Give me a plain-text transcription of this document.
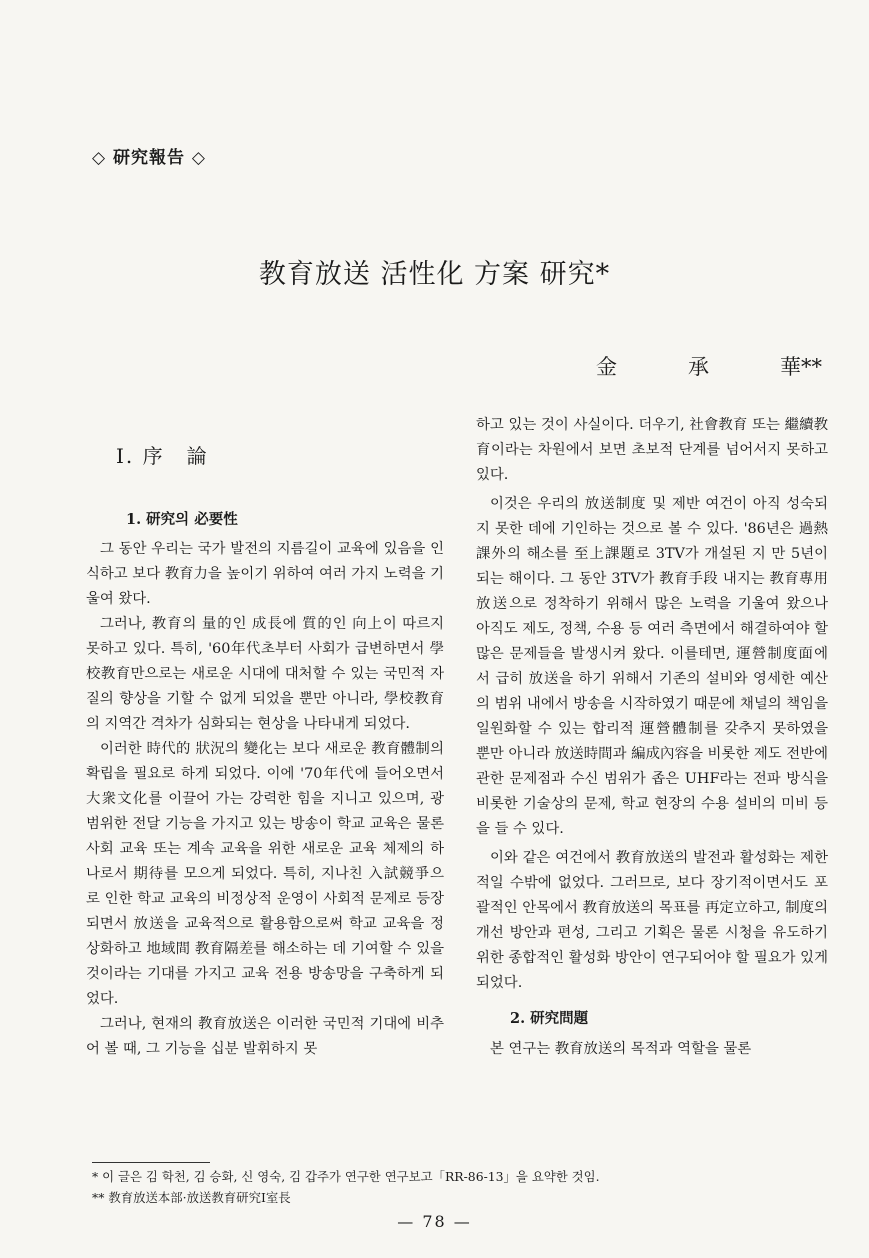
◇ 研究報告 ◇
教育放送 活性化 方案 研究*
金	承	華**
Ⅰ. 序　論
1. 研究의 必要性

그 동안 우리는 국가 발전의 지름길이 교육에 있음을 인식하고 보다 教育力을 높이기 위하여 여러 가지 노력을 기울여 왔다.

그러나, 教育의 量的인 成長에 質的인 向上이 따르지 못하고 있다. 특히, '60年代초부터 사회가 급변하면서 學校教育만으로는 새로운 시대에 대처할 수 있는 국민적 자질의 향상을 기할 수 없게 되었을 뿐만 아니라, 學校教育의 지역간 격차가 심화되는 현상을 나타내게 되었다.

이러한 時代的 狀況의 變化는 보다 새로운 教育體制의 확립을 필요로 하게 되었다. 이에 '70年代에 들어오면서 大衆文化를 이끌어 가는 강력한 힘을 지니고 있으며, 광범위한 전달 기능을 가지고 있는 방송이 학교 교육은 물론 사회 교육 또는 계속 교육을 위한 새로운 교육 체제의 하나로서 期待를 모으게 되었다. 특히, 지나친 入試競爭으로 인한 학교 교육의 비정상적 운영이 사회적 문제로 등장되면서 放送을 교육적으로 활용함으로써 학교 교육을 정상화하고 地域間 教育隔差를 해소하는 데 기여할 수 있을 것이라는 기대를 가지고 교육 전용 방송망을 구축하게 되었다.

그러나, 현재의 教育放送은 이러한 국민적 기대에 비추어 볼 때, 그 기능을 십분 발휘하지 못

하고 있는 것이 사실이다. 더우기, 社會教育 또는 繼續教育이라는 차원에서 보면 초보적 단계를 넘어서지 못하고 있다.

이것은 우리의 放送制度 및 제반 여건이 아직 성숙되지 못한 데에 기인하는 것으로 볼 수 있다. '86년은 過熱課外의 해소를 至上課題로 3TV가 개설된 지 만 5년이 되는 해이다. 그 동안 3TV가 教育手段 내지는 教育專用放送으로 정착하기 위해서 많은 노력을 기울여 왔으나 아직도 제도, 정책, 수용 등 여러 측면에서 해결하여야 할 많은 문제들을 발생시켜 왔다. 이를테면, 運營制度面에서 급히 放送을 하기 위해서 기존의 설비와 영세한 예산의 범위 내에서 방송을 시작하였기 때문에 채널의 책임을 일원화할 수 있는 합리적 運營體制를 갖추지 못하였을 뿐만 아니라 放送時間과 編成內容을 비롯한 제도 전반에 관한 문제점과 수신 범위가 좁은 UHF라는 전파 방식을 비롯한 기술상의 문제, 학교 현장의 수용 설비의 미비 등을 들 수 있다.

이와 같은 여건에서 教育放送의 발전과 활성화는 제한적일 수밖에 없었다. 그러므로, 보다 장기적이면서도 포괄적인 안목에서 教育放送의 목표를 再定立하고, 制度의 개선 방안과 편성, 그리고 기획은 물론 시청을 유도하기 위한 종합적인 활성화 방안이 연구되어야 할 필요가 있게 되었다.

2. 研究問題

본 연구는 教育放送의 목적과 역할을 물론

* 이 글은 김 학천, 김 승화, 신 영숙, 김 갑주가 연구한 연구보고「RR-86-13」을 요약한 것임.
** 教育放送本部·放送教育研究Ⅰ室長
— 78 —
